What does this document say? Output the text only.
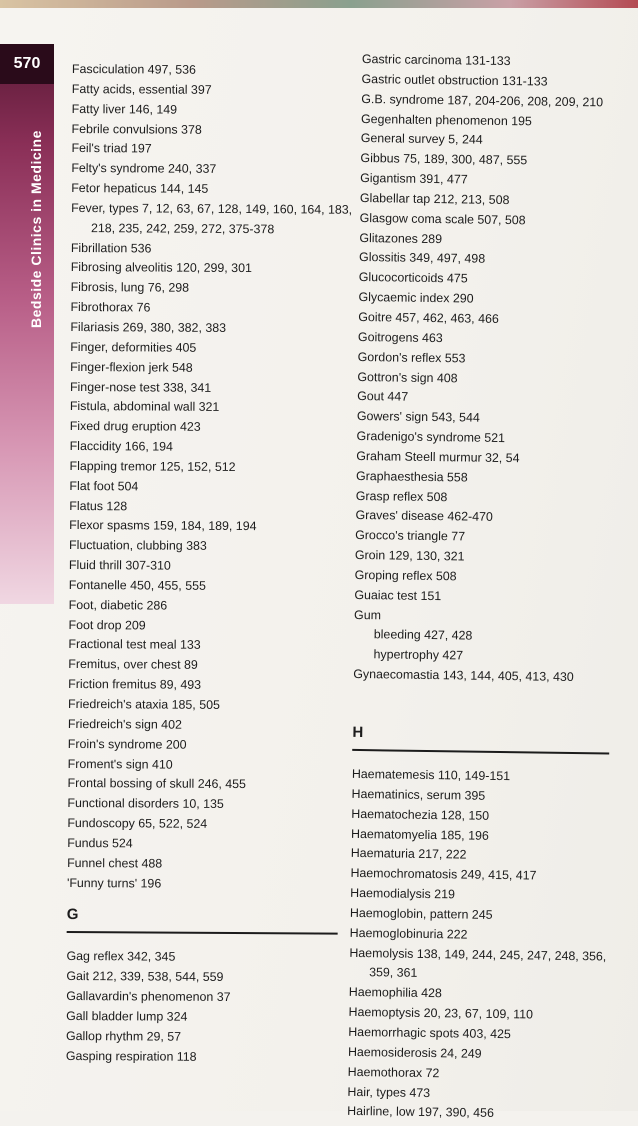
570
Bedside Clinics in Medicine
Fasciculation 497, 536
Fatty acids, essential 397
Fatty liver 146, 149
Febrile convulsions 378
Feil's triad 197
Felty's syndrome 240, 337
Fetor hepaticus 144, 145
Fever, types 7, 12, 63, 67, 128, 149, 160, 164, 183, 218, 235, 242, 259, 272, 375-378
Fibrillation 536
Fibrosing alveolitis 120, 299, 301
Fibrosis, lung 76, 298
Fibrothorax 76
Filariasis 269, 380, 382, 383
Finger, deformities 405
Finger-flexion jerk 548
Finger-nose test 338, 341
Fistula, abdominal wall 321
Fixed drug eruption 423
Flaccidity 166, 194
Flapping tremor 125, 152, 512
Flat foot 504
Flatus 128
Flexor spasms 159, 184, 189, 194
Fluctuation, clubbing 383
Fluid thrill 307-310
Fontanelle 450, 455, 555
Foot, diabetic 286
Foot drop 209
Fractional test meal 133
Fremitus, over chest 89
Friction fremitus 89, 493
Friedreich's ataxia 185, 505
Friedreich's sign 402
Froin's syndrome 200
Froment's sign 410
Frontal bossing of skull 246, 455
Functional disorders 10, 135
Fundoscopy 65, 522, 524
Fundus 524
Funnel chest 488
'Funny turns' 196
G
Gag reflex 342, 345
Gait 212, 339, 538, 544, 559
Gallavardin's phenomenon 37
Gall bladder lump 324
Gallop rhythm 29, 57
Gasping respiration 118
Gastric carcinoma 131-133
Gastric outlet obstruction 131-133
G.B. syndrome 187, 204-206, 208, 209, 210
Gegenhalten phenomenon 195
General survey 5, 244
Gibbus 75, 189, 300, 487, 555
Gigantism 391, 477
Glabellar tap 212, 213, 508
Glasgow coma scale 507, 508
Glitazones 289
Glossitis 349, 497, 498
Glucocorticoids 475
Glycaemic index 290
Goitre 457, 462, 463, 466
Goitrogens 463
Gordon's reflex 553
Gottron's sign 408
Gout 447
Gowers' sign 543, 544
Gradenigo's syndrome 521
Graham Steell murmur 32, 54
Graphaesthesia 558
Grasp reflex 508
Graves' disease 462-470
Grocco's triangle 77
Groin 129, 130, 321
Groping reflex 508
Guaiac test 151
Gum
bleeding 427, 428
hypertrophy 427
Gynaecomastia 143, 144, 405, 413, 430
H
Haematemesis 110, 149-151
Haematinics, serum 395
Haematochezia 128, 150
Haematomyelia 185, 196
Haematuria 217, 222
Haemochromatosis 249, 415, 417
Haemodialysis 219
Haemoglobin, pattern 245
Haemoglobinuria 222
Haemolysis 138, 149, 244, 245, 247, 248, 356, 359, 361
Haemophilia 428
Haemoptysis 20, 23, 67, 109, 110
Haemorrhagic spots 403, 425
Haemosiderosis 24, 249
Haemothorax 72
Hair, types 473
Hairline, low 197, 390, 456
